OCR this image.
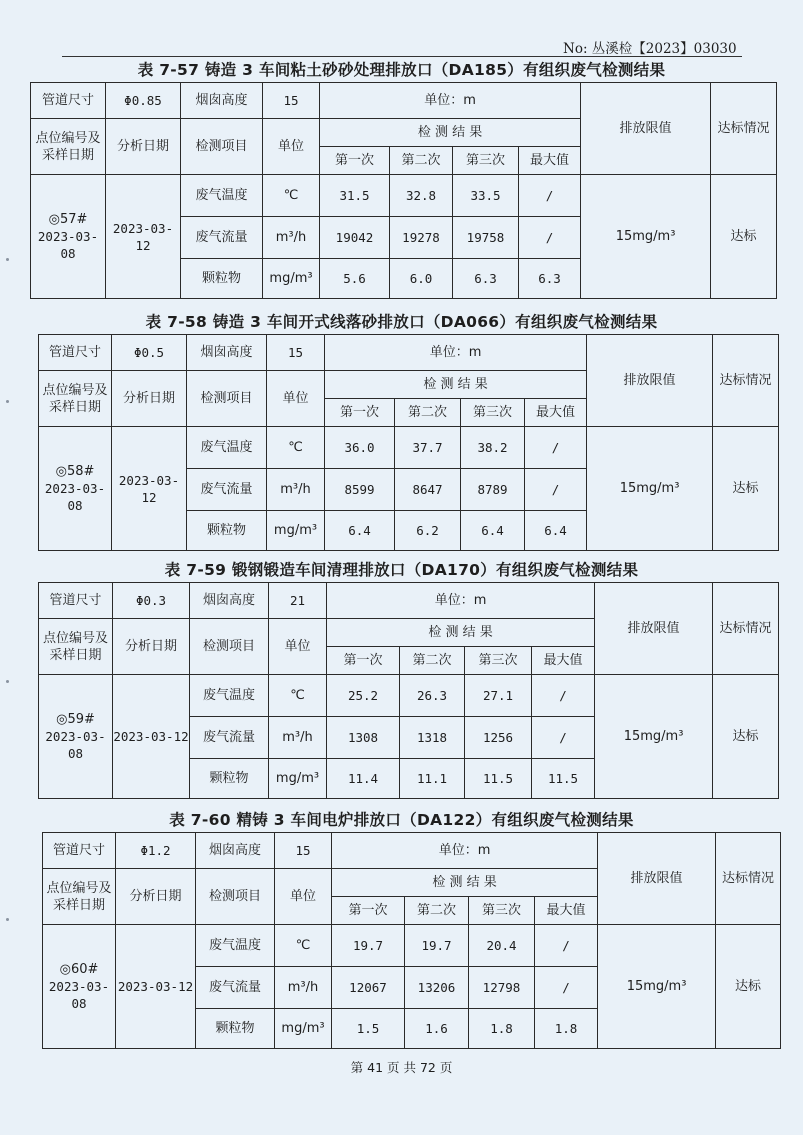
No: 丛溪检【2023】03030
表 7-57 铸造 3 车间粘土砂砂处理排放口（DA185）有组织废气检测结果
管道尺寸	Φ0.85	烟囱高度	15	单位：m				排放限值	达标情况
点位编号及采样日期	分析日期	检测项目	单位	检 测 结 果					
				第一次	第二次	第三次	最大值		

◎57#
2023-03-08	2023-03-12	废气温度	℃	31.5	32.8	33.5	/	15mg/m³	达标
		废气流量	m³/h	19042	19278	19758	/		
		颗粒物	mg/m³	5.6	6.0	6.3	6.3		
表 7-58 铸造 3 车间开式线落砂排放口（DA066）有组织废气检测结果
管道尺寸	Φ0.5	烟囱高度	15	单位：m				排放限值	达标情况
点位编号及采样日期	分析日期	检测项目	单位	检 测 结 果					
				第一次	第二次	第三次	最大值		

◎58#
2023-03-08	2023-03-12	废气温度	℃	36.0	37.7	38.2	/	15mg/m³	达标
		废气流量	m³/h	8599	8647	8789	/		
		颗粒物	mg/m³	6.4	6.2	6.4	6.4		
表 7-59 锻钢锻造车间清理排放口（DA170）有组织废气检测结果
管道尺寸	Φ0.3	烟囱高度	21	单位：m				排放限值	达标情况
点位编号及采样日期	分析日期	检测项目	单位	检 测 结 果					
				第一次	第二次	第三次	最大值		

◎59#
2023-03-08	2023-03-12	废气温度	℃	25.2	26.3	27.1	/	15mg/m³	达标
		废气流量	m³/h	1308	1318	1256	/		
		颗粒物	mg/m³	11.4	11.1	11.5	11.5		
表 7-60 精铸 3 车间电炉排放口（DA122）有组织废气检测结果
管道尺寸	Φ1.2	烟囱高度	15	单位：m				排放限值	达标情况
点位编号及采样日期	分析日期	检测项目	单位	检 测 结 果					
				第一次	第二次	第三次	最大值		

◎60#
2023-03-08	2023-03-12	废气温度	℃	19.7	19.7	20.4	/	15mg/m³	达标
		废气流量	m³/h	12067	13206	12798	/		
		颗粒物	mg/m³	1.5	1.6	1.8	1.8		
第 41 页 共 72 页
